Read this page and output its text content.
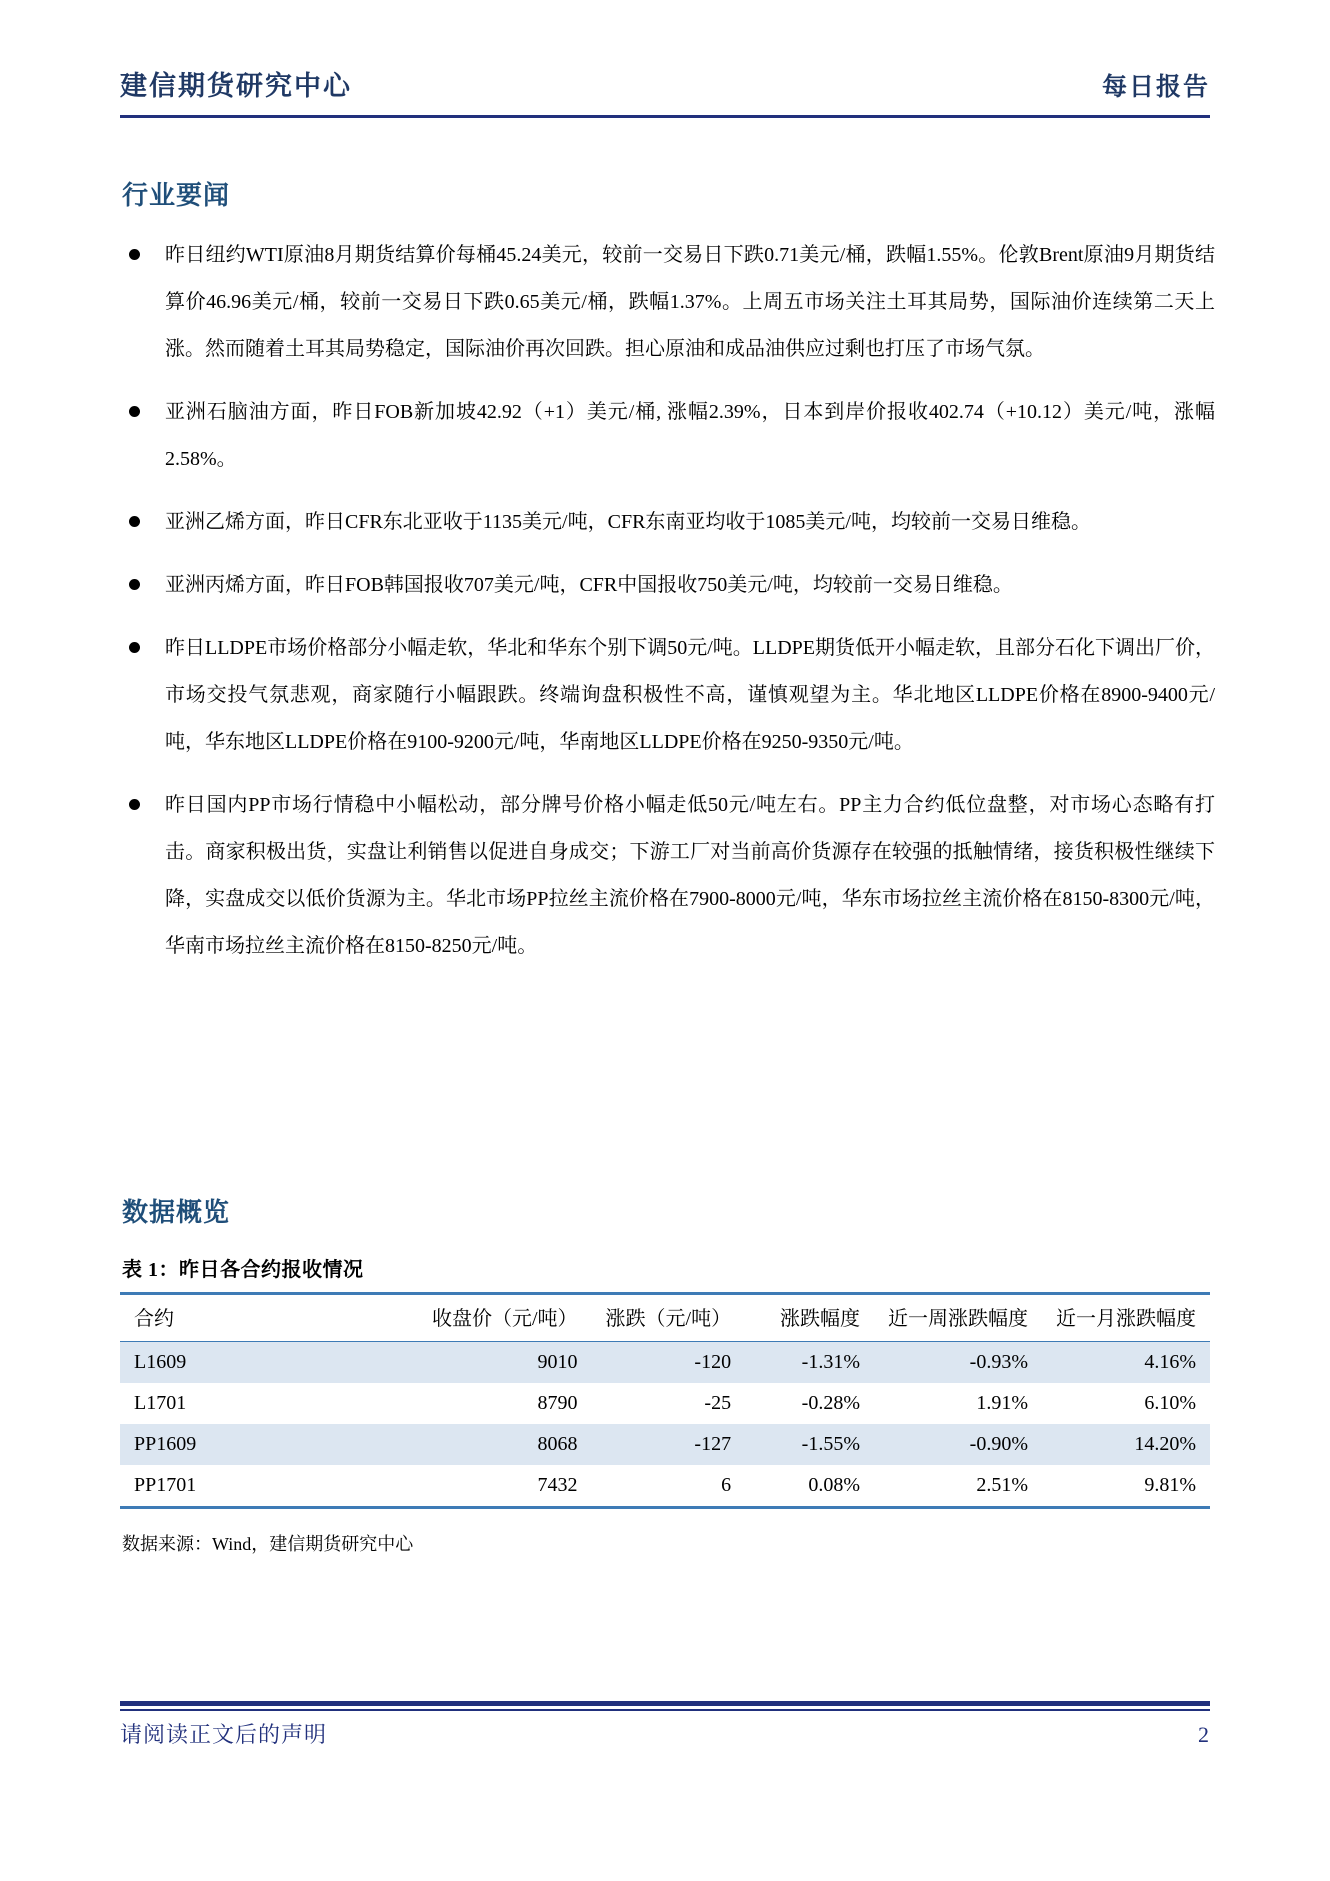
建信期货研究中心	每日报告
行业要闻
昨日纽约WTI原油8月期货结算价每桶45.24美元，较前一交易日下跌0.71美元/桶，跌幅1.55%。伦敦Brent原油9月期货结算价46.96美元/桶，较前一交易日下跌0.65美元/桶，跌幅1.37%。上周五市场关注土耳其局势，国际油价连续第二天上涨。然而随着土耳其局势稳定，国际油价再次回跌。担心原油和成品油供应过剩也打压了市场气氛。
亚洲石脑油方面，昨日FOB新加坡42.92（+1）美元/桶, 涨幅2.39%，日本到岸价报收402.74（+10.12）美元/吨，涨幅2.58%。
亚洲乙烯方面，昨日CFR东北亚收于1135美元/吨，CFR东南亚均收于1085美元/吨，均较前一交易日维稳。
亚洲丙烯方面，昨日FOB韩国报收707美元/吨，CFR中国报收750美元/吨，均较前一交易日维稳。
昨日LLDPE市场价格部分小幅走软，华北和华东个别下调50元/吨。LLDPE期货低开小幅走软，且部分石化下调出厂价，市场交投气氛悲观，商家随行小幅跟跌。终端询盘积极性不高，谨慎观望为主。华北地区LLDPE价格在8900-9400元/吨，华东地区LLDPE价格在9100-9200元/吨，华南地区LLDPE价格在9250-9350元/吨。
昨日国内PP市场行情稳中小幅松动，部分牌号价格小幅走低50元/吨左右。PP主力合约低位盘整，对市场心态略有打击。商家积极出货，实盘让利销售以促进自身成交；下游工厂对当前高价货源存在较强的抵触情绪，接货积极性继续下降，实盘成交以低价货源为主。华北市场PP拉丝主流价格在7900-8000元/吨，华东市场拉丝主流价格在8150-8300元/吨，华南市场拉丝主流价格在8150-8250元/吨。
数据概览
表 1：昨日各合约报收情况
合约	收盘价（元/吨）	涨跌（元/吨）	涨跌幅度	近一周涨跌幅度	近一月涨跌幅度
L1609	9010	-120	-1.31%	-0.93%	4.16%
L1701	8790	-25	-0.28%	1.91%	6.10%
PP1609	8068	-127	-1.55%	-0.90%	14.20%
PP1701	7432	6	0.08%	2.51%	9.81%
数据来源：Wind，建信期货研究中心
请阅读正文后的声明	2
